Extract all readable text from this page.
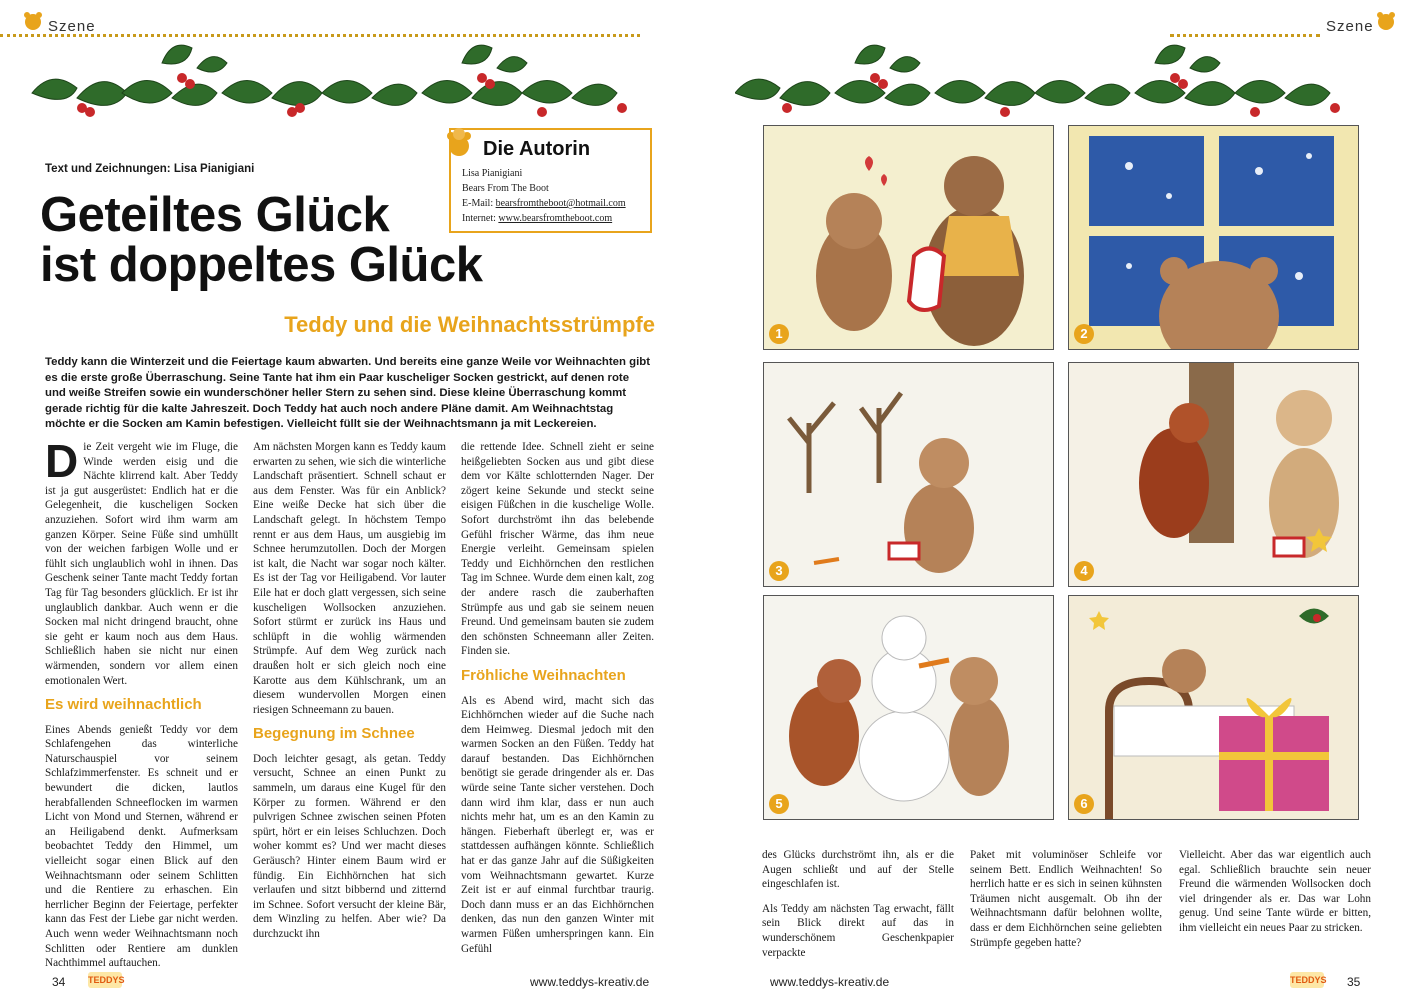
Szene	Szene
Text und Zeichnungen: Lisa Pianigiani
Geteiltes Glück
ist doppeltes Glück
Teddy und die Weihnachtsstrümpfe
Teddy kann die Winterzeit und die Feiertage kaum abwarten. Und bereits eine ganze Weile vor Weihnachten gibt es die erste große Überraschung. Seine Tante hat ihm ein Paar kuscheliger Socken gestrickt, auf denen rote und weiße Streifen sowie ein wunderschöner heller Stern zu sehen sind. Diese kleine Überraschung kommt gerade richtig für die kalte Jahreszeit. Doch Teddy hat auch noch andere Pläne damit. Am Weihnachtstag möchte er die Socken am Kamin befestigen. Vielleicht füllt sie der Weihnachtsmann ja mit Leckereien.
Die Autorin
Lisa Pianigiani
Bears From The Boot
E-Mail: bearsfromtheboot@hotmail.com
Internet: www.bearsfromtheboot.com

Die Zeit vergeht wie im Fluge, die Winde werden eisig und die Nächte klirrend kalt. Aber Teddy ist ja gut ausgerüstet: Endlich hat er die Gelegenheit, die kuscheligen Socken anzuziehen. Sofort wird ihm warm am ganzen Körper. Seine Füße sind umhüllt von der weichen farbigen Wolle und er fühlt sich unglaublich wohl in ihnen. Das Geschenk seiner Tante macht Teddy fortan Tag für Tag besonders glücklich. Er ist ihr unglaublich dankbar. Auch wenn er die Socken mal nicht dringend braucht, ohne sie geht er kaum noch aus dem Haus. Schließlich haben sie nicht nur einen wärmenden, sondern vor allem einen emotionalen Wert.

Es wird weihnachtlich

Eines Abends genießt Teddy vor dem Schlafengehen das winterliche Naturschauspiel vor seinem Schlafzimmerfenster. Es schneit und er bewundert die dicken, lautlos herabfallenden Schneeflocken im warmen Licht von Mond und Sternen, während er an Heiligabend denkt. Aufmerksam beobachtet Teddy den Himmel, um vielleicht sogar einen Blick auf den Weihnachtsmann oder seinem Schlitten und die Rentiere zu erhaschen. Ein herrlicher Beginn der Feiertage, perfekter kann das Fest der Liebe gar nicht werden. Auch wenn weder Weihnachtsmann noch Schlitten oder Rentiere am dunklen Nachthimmel auftauchen.

Am nächsten Morgen kann es Teddy kaum erwarten zu sehen, wie sich die winterliche Landschaft präsentiert. Schnell schaut er aus dem Fenster. Was für ein Anblick? Eine weiße Decke hat sich über die Landschaft gelegt. In höchstem Tempo rennt er aus dem Haus, um ausgiebig im Schnee herumzutollen. Doch der Morgen ist kalt, die Nacht war sogar noch kälter. Es ist der Tag vor Heiligabend. Vor lauter Eile hat er doch glatt vergessen, sich seine kuscheligen Wollsocken anzuziehen. Sofort stürmt er zurück ins Haus und schlüpft in die wohlig wärmenden Strümpfe. Auf dem Weg zurück nach draußen holt er sich gleich noch eine Karotte aus dem Kühlschrank, um an diesem wundervollen Morgen einen riesigen Schneemann zu bauen.

Begegnung im Schnee

Doch leichter gesagt, als getan. Teddy versucht, Schnee an einen Punkt zu sammeln, um daraus eine Kugel für den Körper zu formen. Während er den pulvrigen Schnee zwischen seinen Pfoten spürt, hört er ein leises Schluchzen. Doch woher kommt es? Und wer macht dieses Geräusch? Hinter einem Baum wird er fündig. Ein Eichhörnchen hat sich verlaufen und sitzt bibbernd und zitternd im Schnee. Sofort versucht der kleine Bär, dem Winzling zu helfen. Aber wie? Da durchzuckt ihn

die rettende Idee. Schnell zieht er seine heißgeliebten Socken aus und gibt diese dem vor Kälte schlotternden Nager. Der zögert keine Sekunde und steckt seine eisigen Füßchen in die kuschelige Wolle. Sofort durchströmt ihn das belebende Gefühl frischer Wärme, das ihm neue Energie verleiht. Gemeinsam spielen Teddy und Eichhörnchen den restlichen Tag im Schnee. Wurde dem einen kalt, zog der andere rasch die zauberhaften Strümpfe aus und gab sie seinem neuen Freund. Und gemeinsam bauten sie zudem den schönsten Schneemann aller Zeiten. Finden sie.

Fröhliche Weihnachten

Als es Abend wird, macht sich das Eichhörnchen wieder auf die Suche nach dem Heimweg. Diesmal jedoch mit den warmen Socken an den Füßen. Teddy hat darauf bestanden. Das Eichhörnchen benötigt sie gerade dringender als er. Das würde seine Tante sicher verstehen. Doch dann wird ihm klar, dass er nun auch nichts mehr hat, um es an den Kamin zu hängen. Fieberhaft überlegt er, was er stattdessen aufhängen könnte. Schließlich hat er das ganze Jahr auf die Süßigkeiten vom Weihnachtsmann gewartet. Kurze Zeit ist er auf einmal furchtbar traurig. Doch dann muss er an das Eichhörnchen denken, das nun den ganzen Winter mit warmen Füßen umherspringen kann. Ein Gefühl

1	2
3	4
5	6

des Glücks durchströmt ihn, als er die Augen schließt und auf der Stelle eingeschlafen ist.

Als Teddy am nächsten Tag erwacht, fällt sein Blick direkt auf das in wunderschönem Geschenkpapier verpackte

Paket mit voluminöser Schleife vor seinem Bett. Endlich Weihnachten! So herrlich hatte er es sich in seinen kühnsten Träumen nicht ausgemalt. Ob ihn der Weihnachtsmann dafür belohnen wollte, dass er dem Eichhörnchen seine geliebten Strümpfe gegeben hatte?

Vielleicht. Aber das war eigentlich auch egal. Schließlich brauchte sein neuer Freund die wärmenden Wollsocken doch viel dringender als er. Das war Lohn genug. Und seine Tante würde er bitten, ihm vielleicht ein neues Paar zu stricken.

34	TEDDYS	www.teddys-kreativ.de	www.teddys-kreativ.de	TEDDYS 35
